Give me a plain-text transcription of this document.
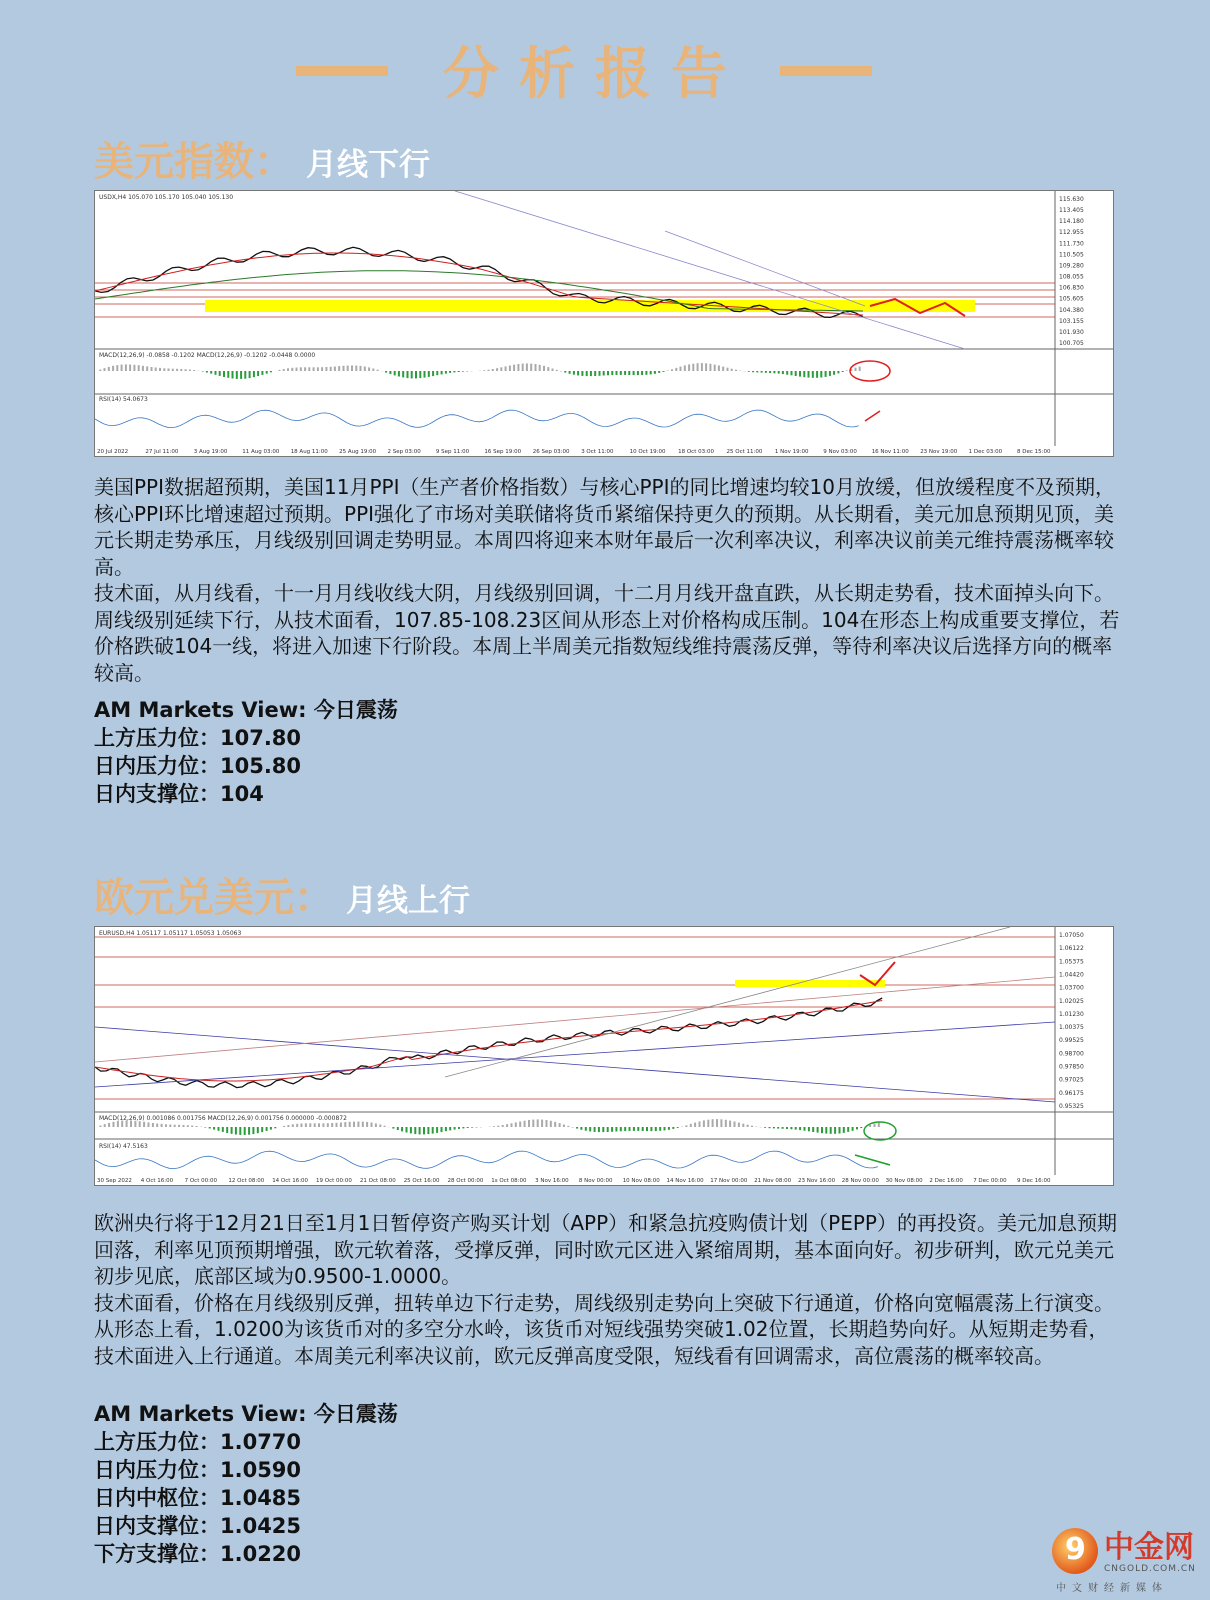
分析报告
美元指数： 月线下行
USDX,H4 105.070 105.170 105.040 105.130
MACD(12,26,9) -0.0858 -0.1202 MACD(12,26,9) -0.1202 -0.0448 0.0000
RSI(14) 54.0673
115.630
113.405
114.180
112.955
111.730
110.505
109.280
108.055
106.830
105.605
104.380
103.155
101.930
100.705
20 Jul 2022	27 Jul 11:00	3 Aug 19:00	11 Aug 03:00 18 Aug 11:00 25 Aug 19:00 2 Sep 03:00	9 Sep 11:00	16 Sep 19:00 26 Sep 03:00 3 Oct 11:00	10 Oct 19:00 18 Oct 03:00 25 Oct 11:00 1 Nov 19:00	9 Nov 03:00	16 Nov 11:00 23 Nov 19:00 1 Dec 03:00	8 Dec 15:00

美国PPI数据超预期，美国11月PPI（生产者价格指数）与核心PPI的同比增速均较10月放缓，但放缓程度不及预期，核心PPI环比增速超过预期。PPI强化了市场对美联储将货币紧缩保持更久的预期。从长期看，美元加息预期见顶，美元长期走势承压，月线级别回调走势明显。本周四将迎来本财年最后一次利率决议，利率决议前美元维持震荡概率较高。

技术面，从月线看，十一月月线收线大阴，月线级别回调，十二月月线开盘直跌，从长期走势看，技术面掉头向下。周线级别延续下行，从技术面看，107.85-108.23区间从形态上对价格构成压制。104在形态上构成重要支撑位，若价格跌破104一线，将进入加速下行阶段。本周上半周美元指数短线维持震荡反弹，等待利率决议后选择方向的概率较高。

AM Markets View: 今日震荡
上方压力位：107.80
日内压力位：105.80
日内支撑位：104
欧元兑美元： 月线上行
EURUSD,H4 1.05117 1.05117 1.05053 1.05063
MACD(12,26,9) 0.001086 0.001756 MACD(12,26,9) 0.001756 0.000000 -0.000872
RSI(14) 47.5163
1.07050
1.06122
1.05375
1.04420
1.03700
1.02025
1.01230
1.00375
0.99525
0.98700
0.97850
0.97025
0.96175
0.95325
30 Sep 2022 4 Oct 16:00 7 Oct 00:00 12 Oct 08:00 14 Oct 16:00 19 Oct 00:00 21 Oct 08:00 25 Oct 16:00 28 Oct 00:00 1s Oct 08:00 3 Nov 16:00 8 Nov 00:00 10 Nov 08:00 14 Nov 16:00 17 Nov 00:00 21 Nov 08:00 23 Nov 16:00 28 Nov 00:00 30 Nov 08:00 2 Dec 16:00 7 Dec 00:00 9 Dec 16:00

欧洲央行将于12月21日至1月1日暂停资产购买计划（APP）和紧急抗疫购债计划（PEPP）的再投资。美元加息预期回落，利率见顶预期增强，欧元软着落，受撑反弹，同时欧元区进入紧缩周期，基本面向好。初步研判，欧元兑美元初步见底，底部区域为0.9500-1.0000。

技术面看，价格在月线级别反弹，扭转单边下行走势，周线级别走势向上突破下行通道，价格向宽幅震荡上行演变。从形态上看，1.0200为该货币对的多空分水岭，该货币对短线强势突破1.02位置，长期趋势向好。从短期走势看，技术面进入上行通道。本周美元利率决议前，欧元反弹高度受限，短线看有回调需求，高位震荡的概率较高。

AM Markets View: 今日震荡
上方压力位：1.0770
日内压力位：1.0590
日内中枢位：1.0485
日内支撑位：1.0425
下方支撑位：1.0220	9 中金网
CNGOLD.COM.CN
中文财经新媒体
